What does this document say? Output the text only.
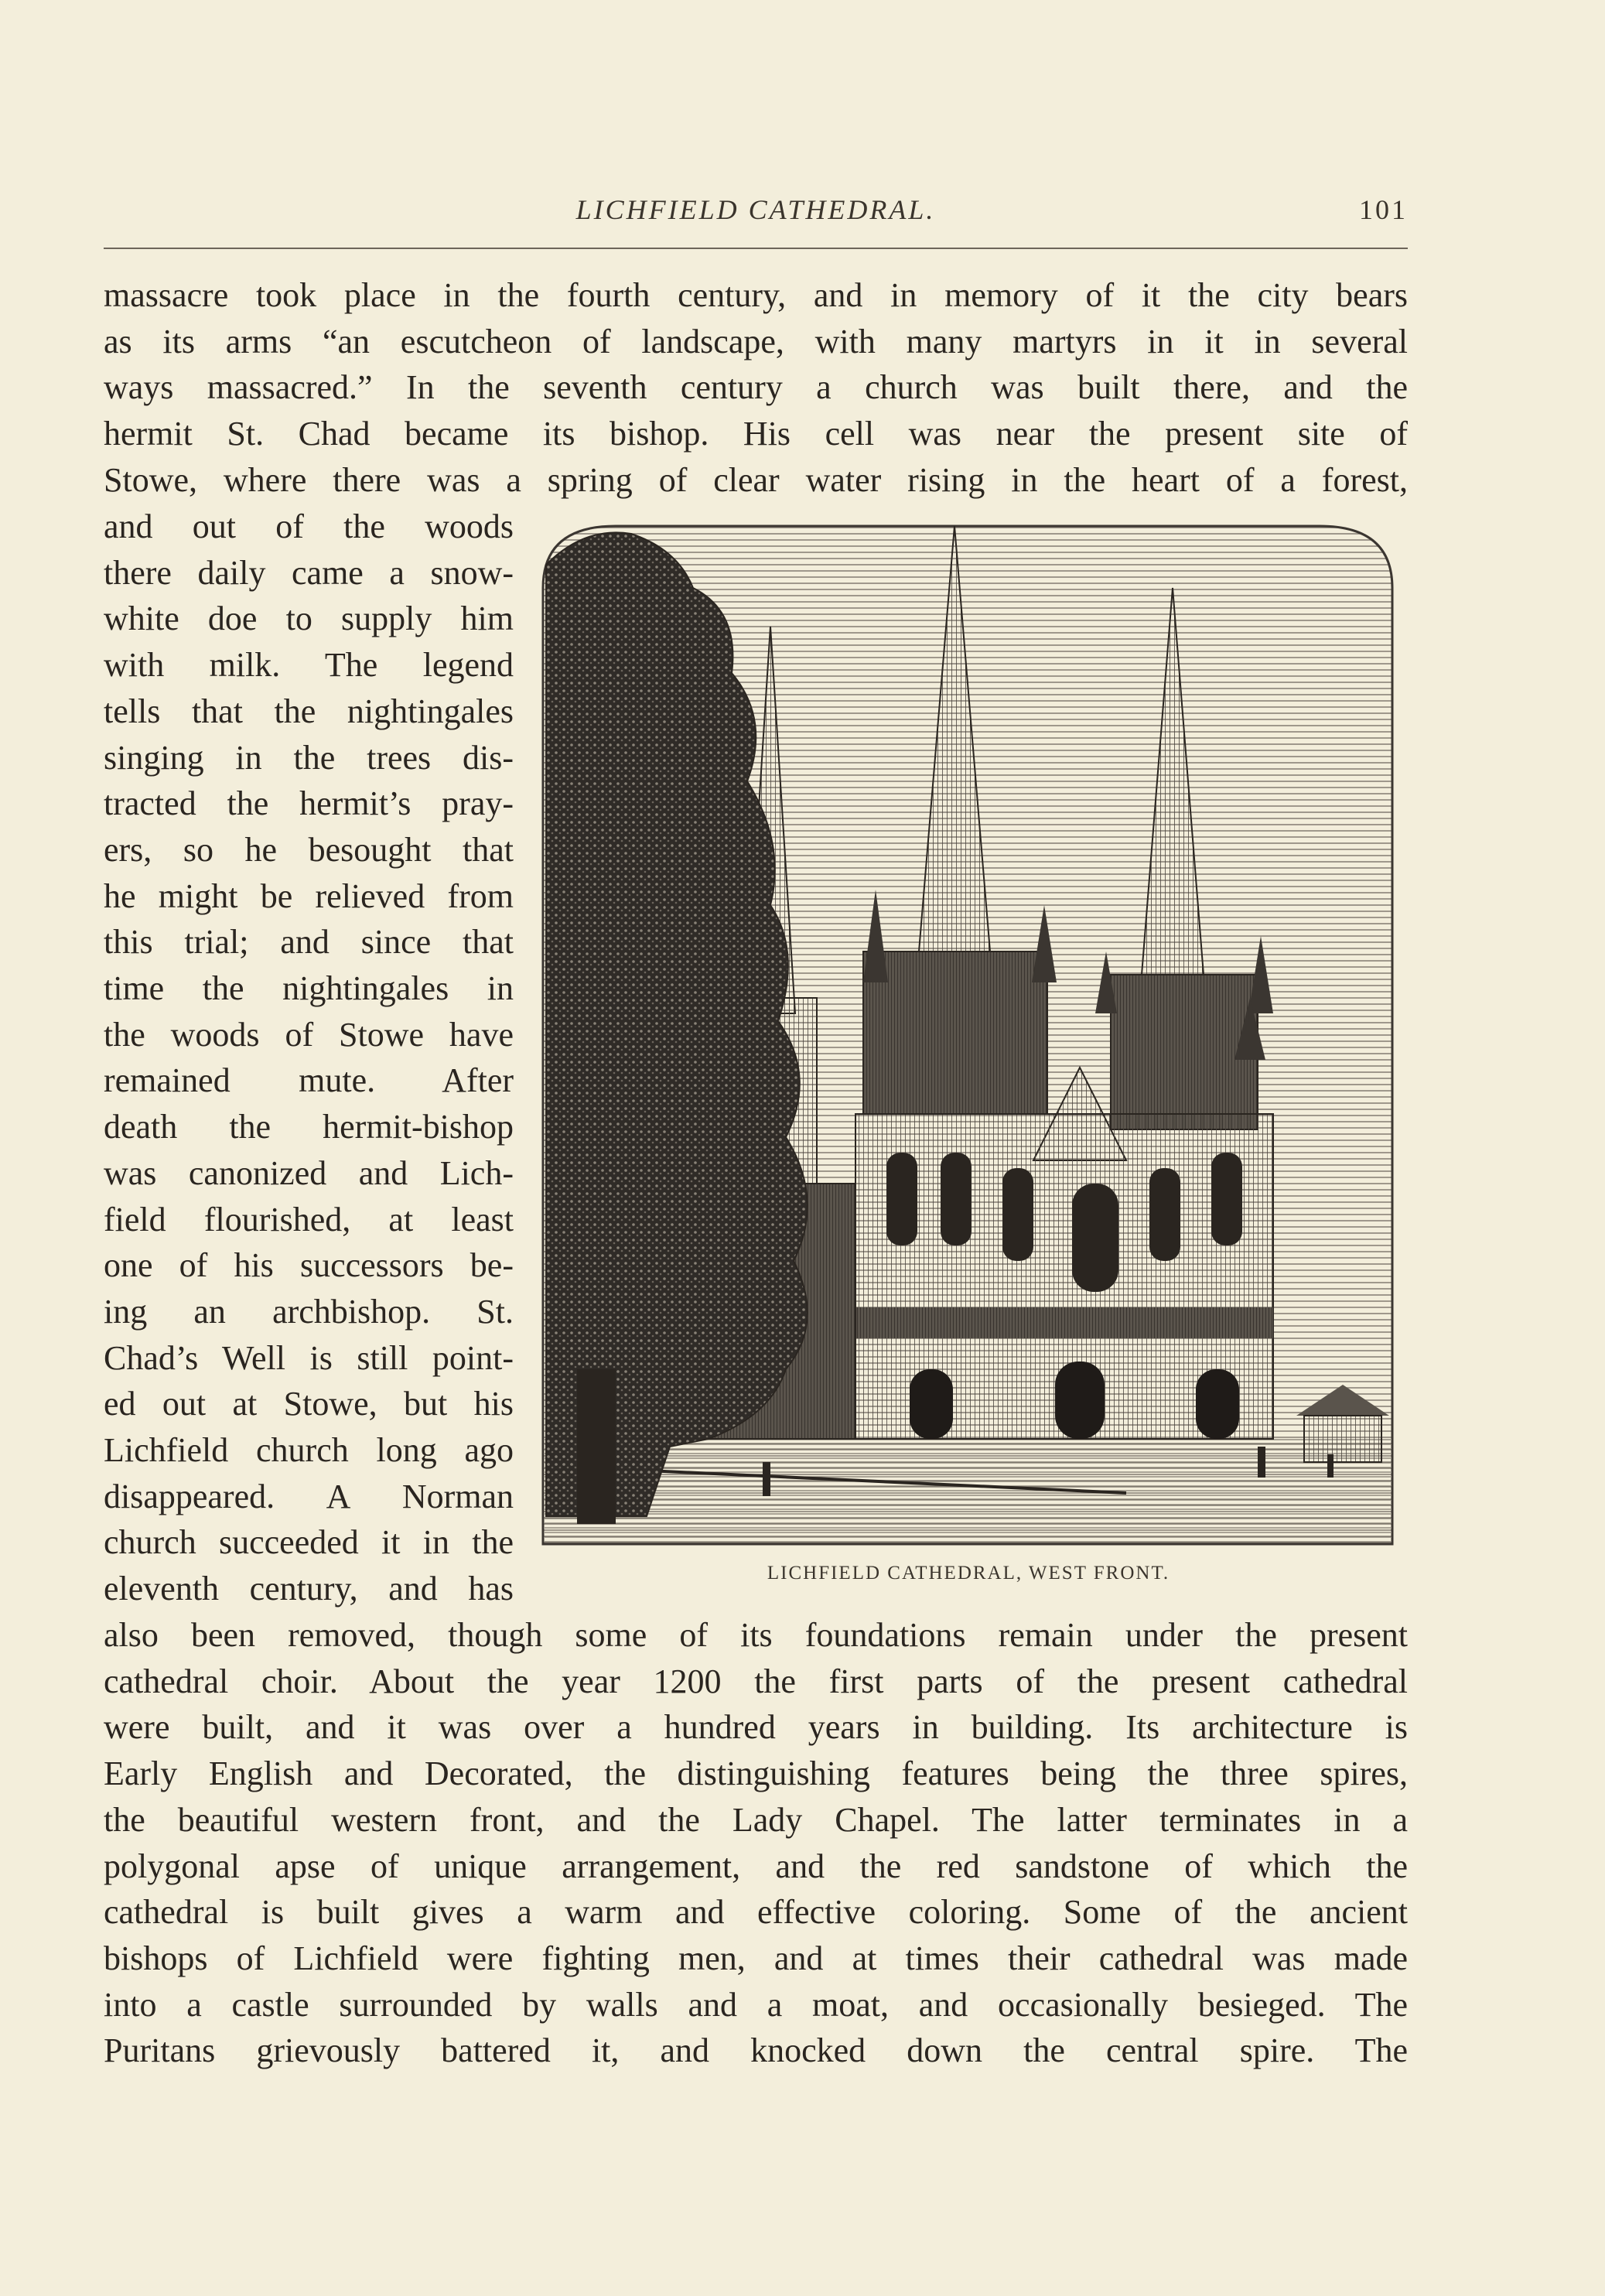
LICHFIELD CATHEDRAL.	101
massacre took place in the fourth century, and in memory of it the city bears
as its arms “an escutcheon of landscape, with many martyrs in it in several
ways massacred.” In the seventh century a church was built there, and the
hermit St. Chad became its bishop. His cell was near the present site of
Stowe, where there was a spring of clear water rising in the heart of a forest,
and out of the woods
there daily came a snow-
white doe to supply him
with milk. The legend
tells that the nightingales
singing in the trees dis-
tracted the hermit’s pray-
ers, so he besought that
he might be relieved from
this trial; and since that
time the nightingales in
the woods of Stowe have
remained mute. After
death the hermit-bishop
was canonized and Lich-
field flourished, at least
one of his successors be-
ing an archbishop. St.
Chad’s Well is still point-
ed out at Stowe, but his
Lichfield church long ago
disappeared. A Norman
church succeeded it in the
eleventh century, and has
also been removed, though some of its foundations remain under the present
cathedral choir. About the year 1200 the first parts of the present cathedral
were built, and it was over a hundred years in building. Its architecture is
Early English and Decorated, the distinguishing features being the three spires,
the beautiful western front, and the Lady Chapel. The latter terminates in a
polygonal apse of unique arrangement, and the red sandstone of which the
cathedral is built gives a warm and effective coloring. Some of the ancient
bishops of Lichfield were fighting men, and at times their cathedral was made
into a castle surrounded by walls and a moat, and occasionally besieged. The
Puritans grievously battered it, and knocked down the central spire. The
LICHFIELD CATHEDRAL, WEST FRONT.
